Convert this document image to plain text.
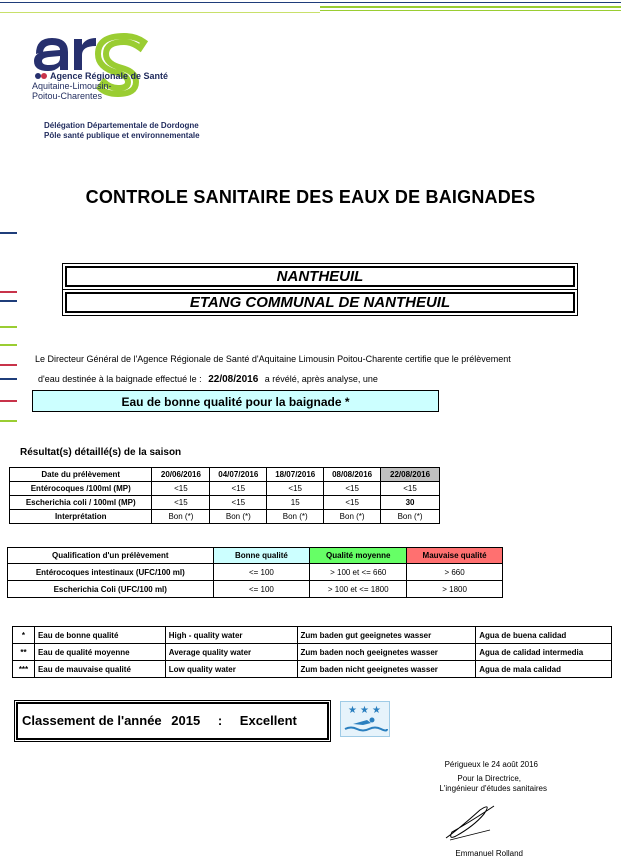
Agence Régionale de Santé
Aquitaine-Limousin-
Poitou-Charentes
Délégation Départementale de Dordogne
Pôle santé publique et environnementale
CONTROLE SANITAIRE DES EAUX DE BAIGNADES
NANTHEUIL
ETANG COMMUNAL DE NANTHEUIL
Le Directeur Général de l'Agence Régionale de Santé d'Aquitaine Limousin Poitou-Charente certifie que le prélèvement
d'eau destinée à la baignade effectué le : 22/08/2016 a révélé, après analyse, une
Eau de bonne qualité pour la baignade *
Résultat(s) détaillé(s) de la saison
Date du prélèvement	20/06/2016	04/07/2016	18/07/2016	08/08/2016	22/08/2016
Entérocoques /100ml (MP)	<15	<15	<15	<15	<15
Escherichia coli / 100ml (MP)	<15	<15	15	<15	30
Interprétation	Bon (*)	Bon (*)	Bon (*)	Bon (*)	Bon (*)
Qualification d'un prélèvement	Bonne qualité	Qualité moyenne	Mauvaise qualité
Entérocoques intestinaux (UFC/100 ml)	<= 100	> 100 et <= 660	> 660
Escherichia Coli (UFC/100 ml)	<= 100	> 100 et <= 1800	> 1800
*	Eau de bonne qualité	High - quality water	Zum baden gut geeignetes wasser	Agua de buena calidad
**	Eau de qualité moyenne	Average quality water	Zum baden noch geeignetes wasser	Agua de calidad intermedia
***	Eau de mauvaise qualité	Low quality water	Zum baden nicht geeignetes wasser	Agua de mala calidad
Classement de l'année 2015 : Excellent
★ ★ ★
Périgueux le 24 août 2016
Pour la Directrice,
L'ingénieur d'études sanitaires
Emmanuel Rolland
